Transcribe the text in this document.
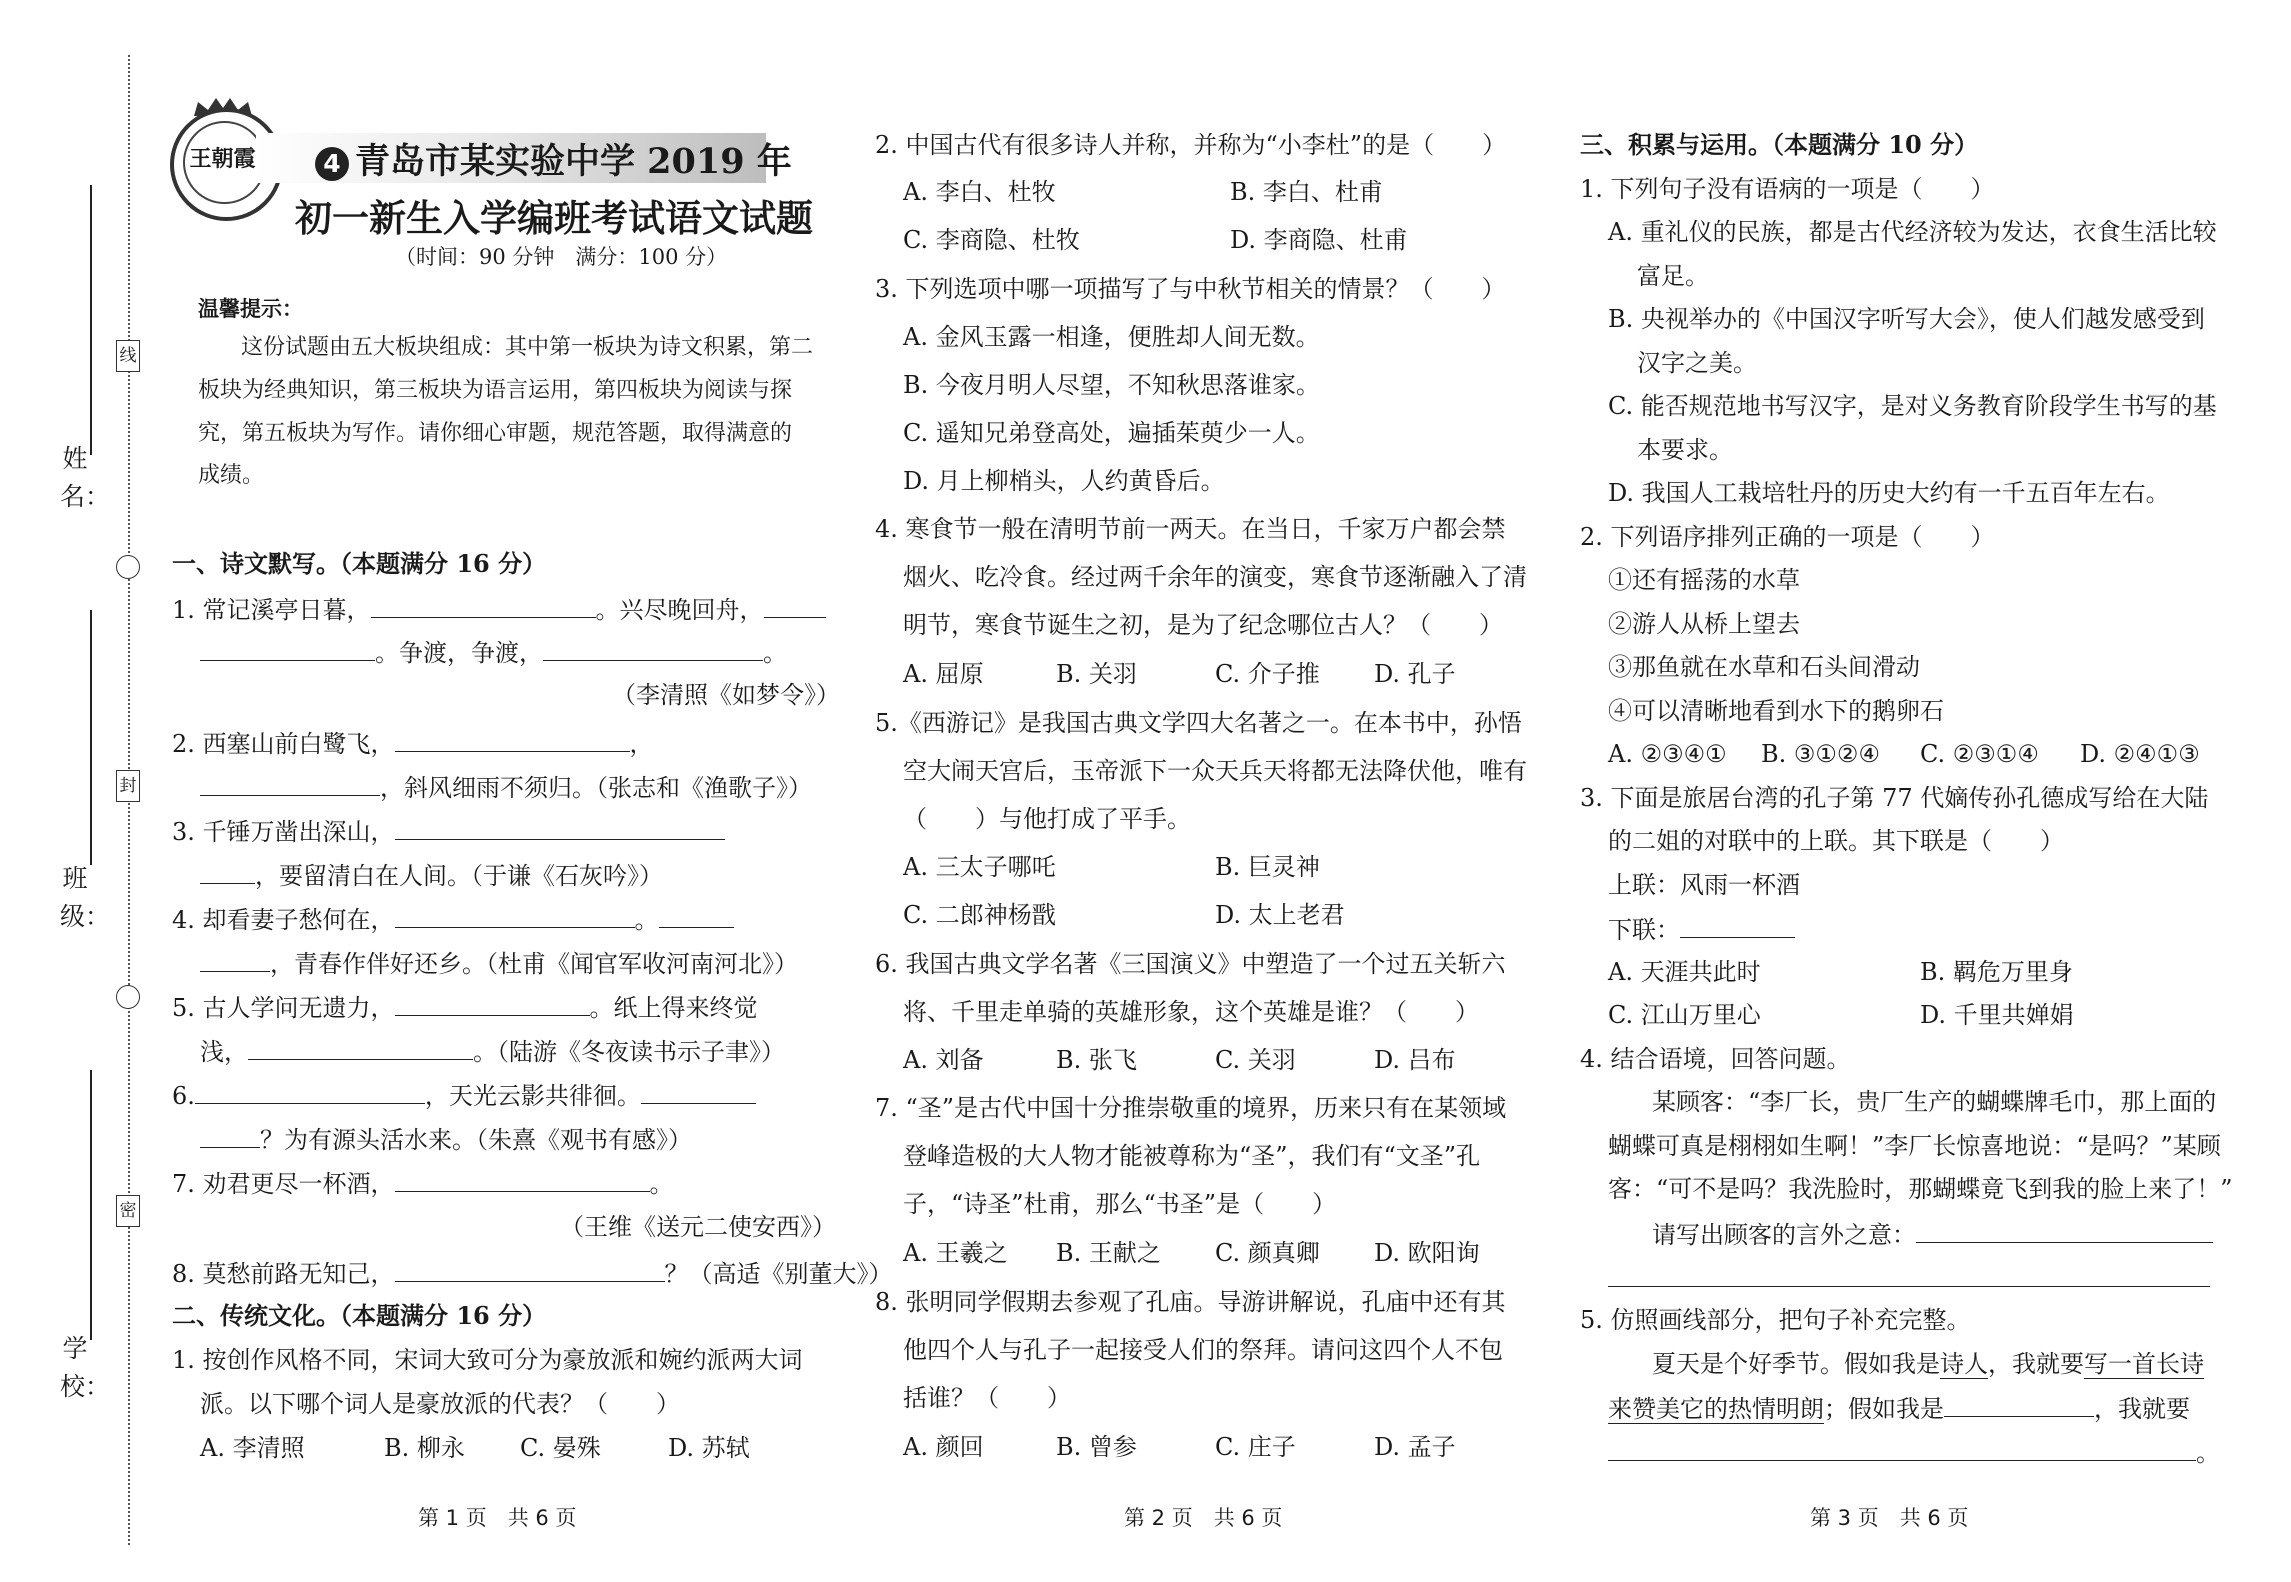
姓 名：
班 级：
学 校：
线
封
密
王朝霞	4 青岛市某实验中学 2019 年
初一新生入学编班考试语文试题
（时间：90 分钟　满分：100 分）
温馨提示：
这份试题由五大板块组成：其中第一板块为诗文积累，第二
板块为经典知识，第三板块为语言运用，第四板块为阅读与探
究，第五板块为写作。请你细心审题，规范答题，取得满意的
成绩。
一、诗文默写。（本题满分 16 分）
1. 常记溪亭日暮，	。兴尽晚回舟，
。争渡，争渡，	。
（李清照《如梦令》）
2. 西塞山前白鹭飞，	，
，斜风细雨不须归。（张志和《渔歌子》）
3. 千锤万凿出深山，
，要留清白在人间。（于谦《石灰吟》）
4. 却看妻子愁何在，	。
，青春作伴好还乡。（杜甫《闻官军收河南河北》）
5. 古人学问无遗力，	。纸上得来终觉
浅，	。（陆游《冬夜读书示子聿》）
6.	，天光云影共徘徊。
？为有源头活水来。（朱熹《观书有感》）
7. 劝君更尽一杯酒，	。
（王维《送元二使安西》）
8. 莫愁前路无知己，	？（高适《别董大》）
二、传统文化。（本题满分 16 分）
1. 按创作风格不同，宋词大致可分为豪放派和婉约派两大词
派。以下哪个词人是豪放派的代表？（　　）
A. 李清照	B. 柳永 C. 晏殊	D. 苏轼
第 1 页　共 6 页
2. 中国古代有很多诗人并称，并称为“小李杜”的是（　　）
A. 李白、杜牧	B. 李白、杜甫
C. 李商隐、杜牧	D. 李商隐、杜甫
3. 下列选项中哪一项描写了与中秋节相关的情景？（　　）
A. 金风玉露一相逢，便胜却人间无数。
B. 今夜月明人尽望，不知秋思落谁家。
C. 遥知兄弟登高处，遍插茱萸少一人。
D. 月上柳梢头，人约黄昏后。
4. 寒食节一般在清明节前一两天。在当日，千家万户都会禁
烟火、吃冷食。经过两千余年的演变，寒食节逐渐融入了清
明节，寒食节诞生之初，是为了纪念哪位古人？（　　）
A. 屈原	B. 关羽	C. 介子推 D. 孔子
5.《西游记》是我国古典文学四大名著之一。在本书中，孙悟
空大闹天宫后，玉帝派下一众天兵天将都无法降伏他，唯有
（　　）与他打成了平手。
A. 三太子哪吒	B. 巨灵神
C. 二郎神杨戬	D. 太上老君
6. 我国古典文学名著《三国演义》中塑造了一个过五关斩六
将、千里走单骑的英雄形象，这个英雄是谁？（　　）
A. 刘备	B. 张飞	C. 关羽	D. 吕布
7. “圣”是古代中国十分推崇敬重的境界，历来只有在某领域
登峰造极的大人物才能被尊称为“圣”，我们有“文圣”孔
子，“诗圣”杜甫，那么“书圣”是（　　）
A. 王羲之 B. 王献之 C. 颜真卿 D. 欧阳询
8. 张明同学假期去参观了孔庙。导游讲解说，孔庙中还有其
他四个人与孔子一起接受人们的祭拜。请问这四个人不包
括谁？（　　）
A. 颜回	B. 曾参	C. 庄子	D. 孟子
第 2 页　共 6 页
三、积累与运用。（本题满分 10 分）
1. 下列句子没有语病的一项是（　　）
A. 重礼仪的民族，都是古代经济较为发达，衣食生活比较
富足。
B. 央视举办的《中国汉字听写大会》，使人们越发感受到
汉字之美。
C. 能否规范地书写汉字，是对义务教育阶段学生书写的基
本要求。
D. 我国人工栽培牡丹的历史大约有一千五百年左右。
2. 下列语序排列正确的一项是（　　）
①还有摇荡的水草
②游人从桥上望去
③那鱼就在水草和石头间滑动
④可以清晰地看到水下的鹅卵石
A. ②③④① B. ③①②④ C. ②③①④ D. ②④①③
3. 下面是旅居台湾的孔子第 77 代嫡传孙孔德成写给在大陆
的二姐的对联中的上联。其下联是（　　）
上联：风雨一杯酒
下联：
A. 天涯共此时	B. 羁危万里身
C. 江山万里心	D. 千里共婵娟
4. 结合语境，回答问题。
某顾客：“李厂长，贵厂生产的蝴蝶牌毛巾，那上面的
蝴蝶可真是栩栩如生啊！”李厂长惊喜地说：“是吗？”某顾
客：“可不是吗？我洗脸时，那蝴蝶竟飞到我的脸上来了！”
请写出顾客的言外之意：
5. 仿照画线部分，把句子补充完整。
夏天是个好季节。假如我是诗人，我就要写一首长诗
来赞美它的热情明朗；假如我是	，我就要
。
第 3 页　共 6 页
